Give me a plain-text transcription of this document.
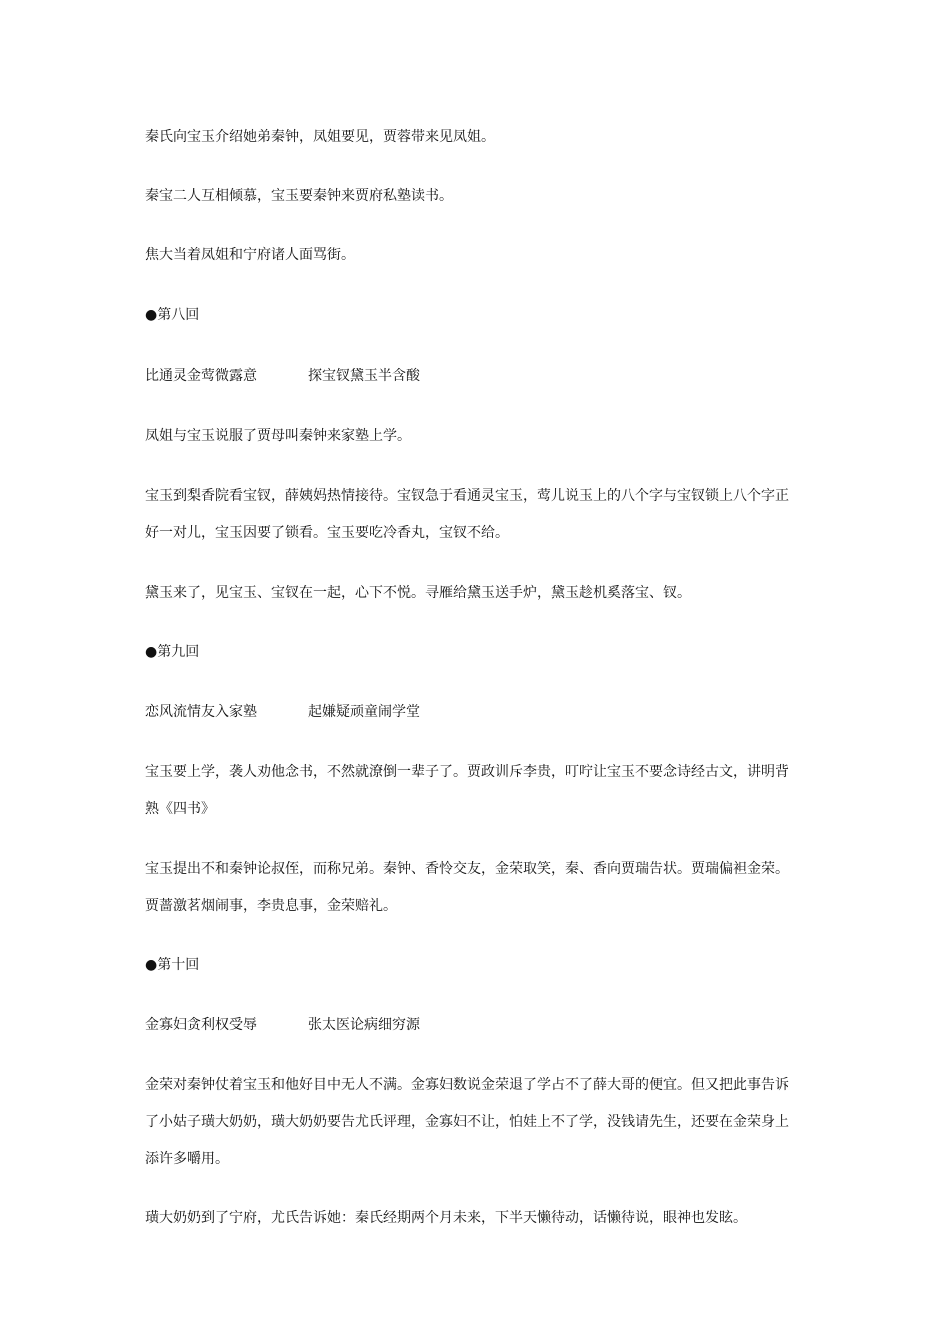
秦氏向宝玉介绍她弟秦钟，凤姐要见，贾蓉带来见凤姐。
秦宝二人互相倾慕，宝玉要秦钟来贾府私塾读书。
焦大当着凤姐和宁府诸人面骂街。
●第八回
比通灵金莺微露意	探宝钗黛玉半含酸
凤姐与宝玉说服了贾母叫秦钟来家塾上学。
宝玉到梨香院看宝钗，薛姨妈热情接待。宝钗急于看通灵宝玉，莺儿说玉上的八个字与宝钗锁上八个字正
好一对儿，宝玉因要了锁看。宝玉要吃冷香丸，宝钗不给。
黛玉来了，见宝玉、宝钗在一起，心下不悦。寻雁给黛玉送手炉，黛玉趁机奚落宝、钗。
●第九回
恋风流情友入家塾	起嫌疑顽童闹学堂
宝玉要上学，袭人劝他念书，不然就潦倒一辈子了。贾政训斥李贵，叮咛让宝玉不要念诗经古文，讲明背
熟《四书》
宝玉提出不和秦钟论叔侄，而称兄弟。秦钟、香怜交友，金荣取笑，秦、香向贾瑞告状。贾瑞偏袒金荣。
贾蔷激茗烟闹事，李贵息事，金荣赔礼。
●第十回
金寡妇贪利权受辱	张太医论病细穷源
金荣对秦钟仗着宝玉和他好目中无人不满。金寡妇数说金荣退了学占不了薛大哥的便宜。但又把此事告诉
了小姑子璜大奶奶，璜大奶奶要告尤氏评理，金寡妇不让，怕娃上不了学，没钱请先生，还要在金荣身上
添许多嚼用。
璜大奶奶到了宁府，尤氏告诉她：秦氏经期两个月未来，下半天懒待动，话懒待说，眼神也发眩。
